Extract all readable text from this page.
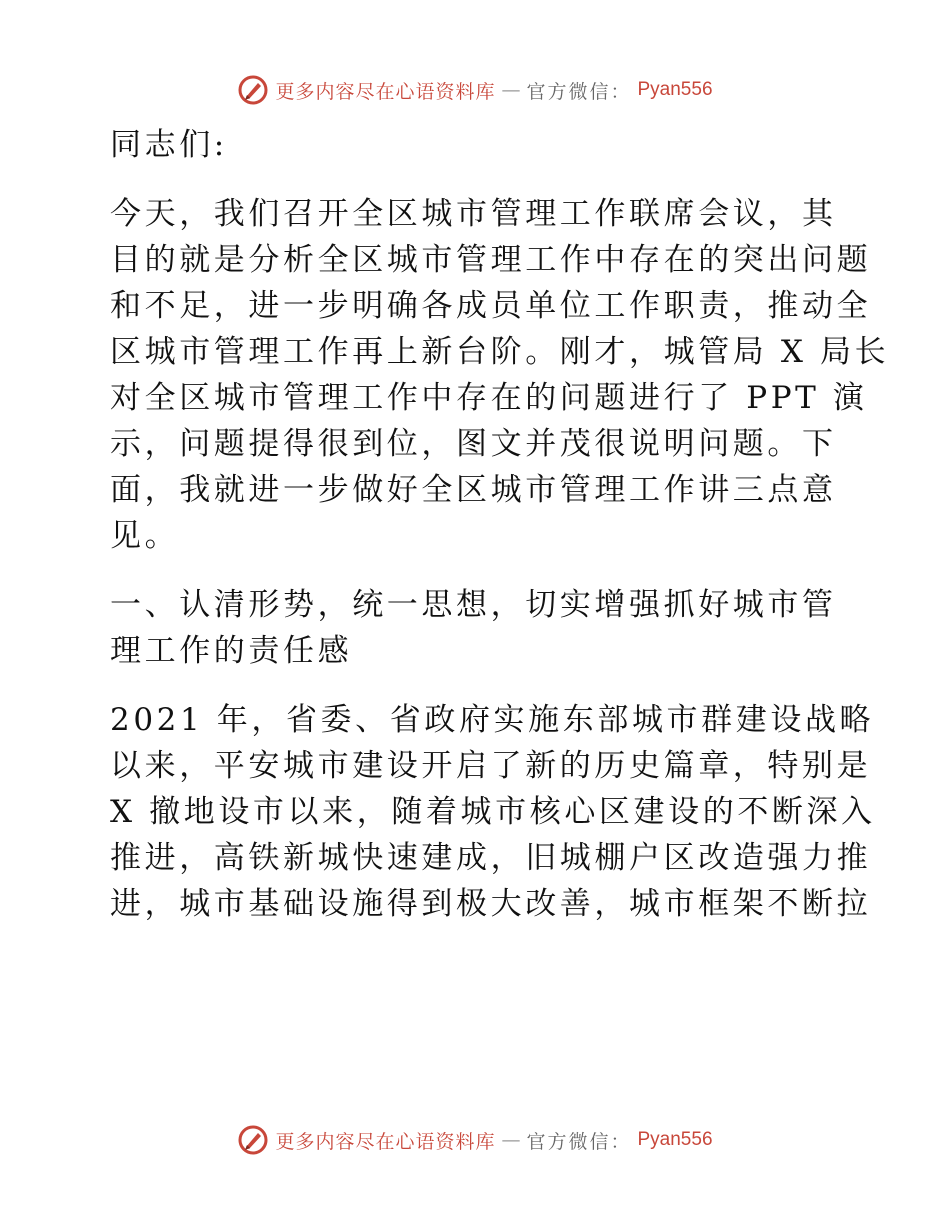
更多内容尽在心语资料库 — 官方微信： Pyan556

同志们:

今天，我们召开全区城市管理工作联席会议，其
目的就是分析全区城市管理工作中存在的突出问题
和不足，进一步明确各成员单位工作职责，推动全
区城市管理工作再上新台阶。刚才，城管局 X 局长
对全区城市管理工作中存在的问题进行了 PPT 演
示，问题提得很到位，图文并茂很说明问题。下
面，我就进一步做好全区城市管理工作讲三点意
见。

一、认清形势，统一思想，切实增强抓好城市管
理工作的责任感

2021 年，省委、省政府实施东部城市群建设战略
以来，平安城市建设开启了新的历史篇章，特别是
X 撤地设市以来，随着城市核心区建设的不断深入
推进，高铁新城快速建成，旧城棚户区改造强力推
进，城市基础设施得到极大改善，城市框架不断拉

更多内容尽在心语资料库 — 官方微信： Pyan556
